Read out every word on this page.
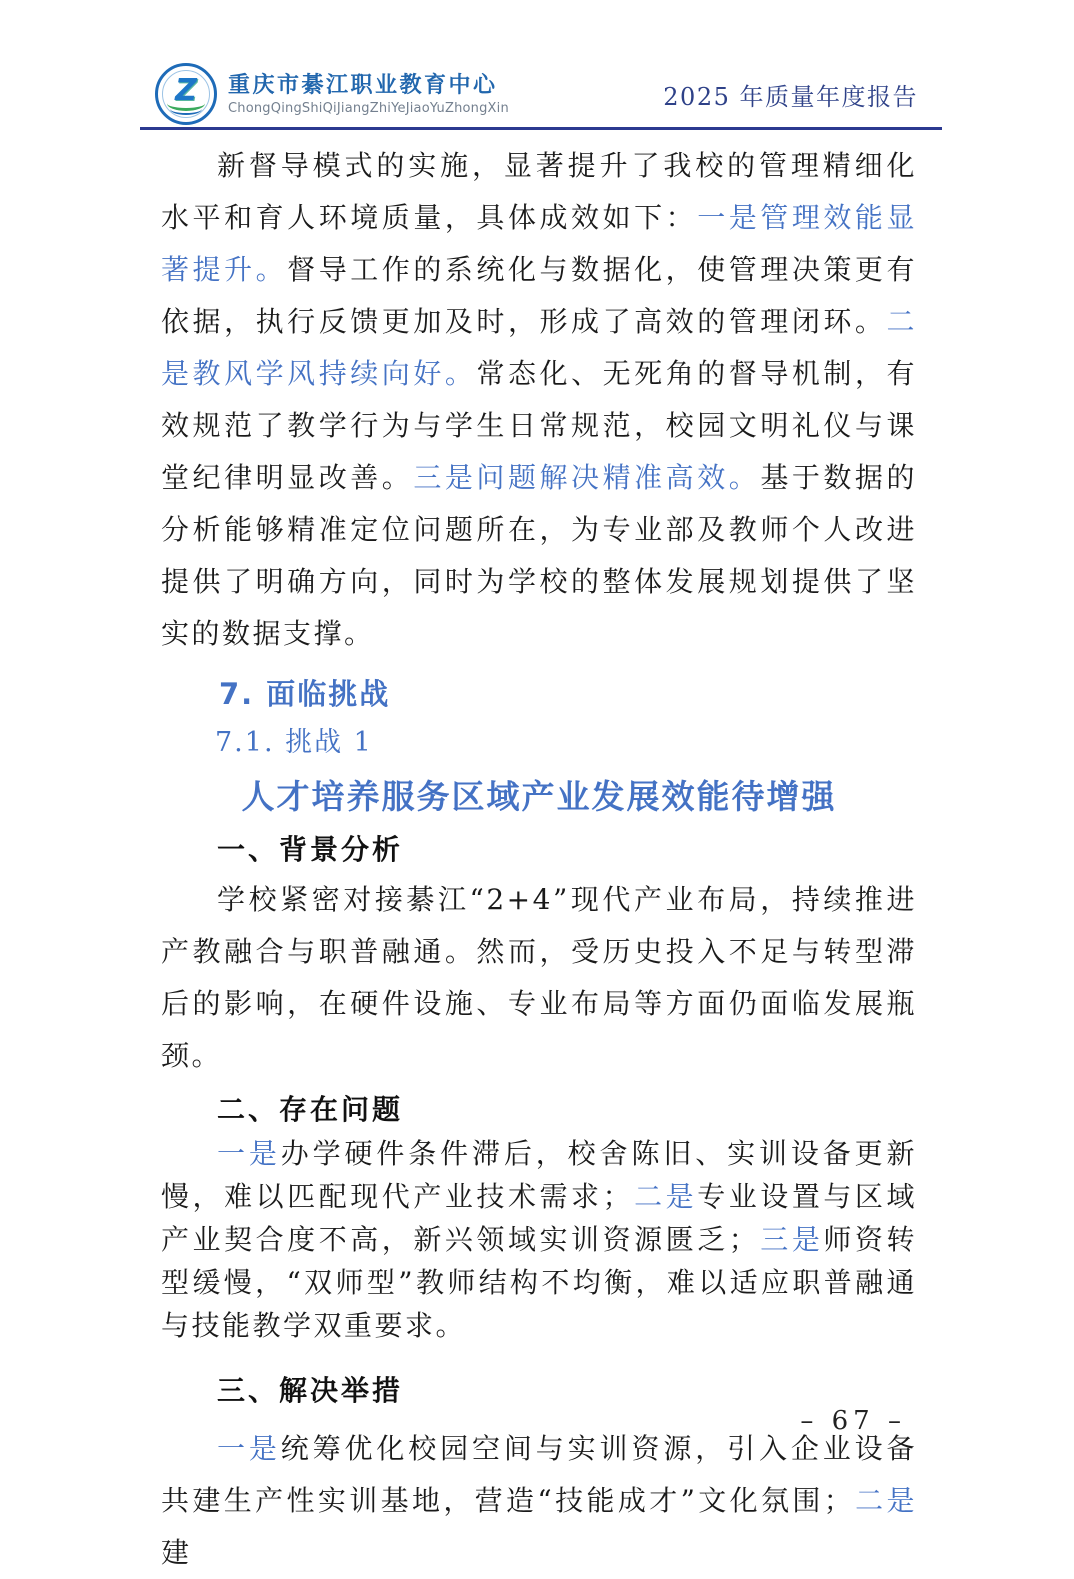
Z 重庆市綦江职业教育中心
ChongQingShiQiJiangZhiYeJiaoYuZhongXin	2025 年质量年度报告

新督导模式的实施，显著提升了我校的管理精细化水平和育人环境质量，具体成效如下：一是管理效能显著提升。督导工作的系统化与数据化，使管理决策更有依据，执行反馈更加及时，形成了高效的管理闭环。二是教风学风持续向好。常态化、无死角的督导机制，有效规范了教学行为与学生日常规范，校园文明礼仪与课堂纪律明显改善。三是问题解决精准高效。基于数据的分析能够精准定位问题所在，为专业部及教师个人改进提供了明确方向，同时为学校的整体发展规划提供了坚实的数据支撑。

7. 面临挑战
7.1. 挑战 1
人才培养服务区域产业发展效能待增强
一、背景分析

学校紧密对接綦江“2+4”现代产业布局，持续推进产教融合与职普融通。然而，受历史投入不足与转型滞后的影响，在硬件设施、专业布局等方面仍面临发展瓶颈。

二、存在问题

一是办学硬件条件滞后，校舍陈旧、实训设备更新慢，难以匹配现代产业技术需求；二是专业设置与区域产业契合度不高，新兴领域实训资源匮乏；三是师资转型缓慢，“双师型”教师结构不均衡，难以适应职普融通与技能教学双重要求。

三、解决举措

一是统筹优化校园空间与实训资源，引入企业设备共建生产性实训基地，营造“技能成才”文化氛围；二是建

– 67 –
